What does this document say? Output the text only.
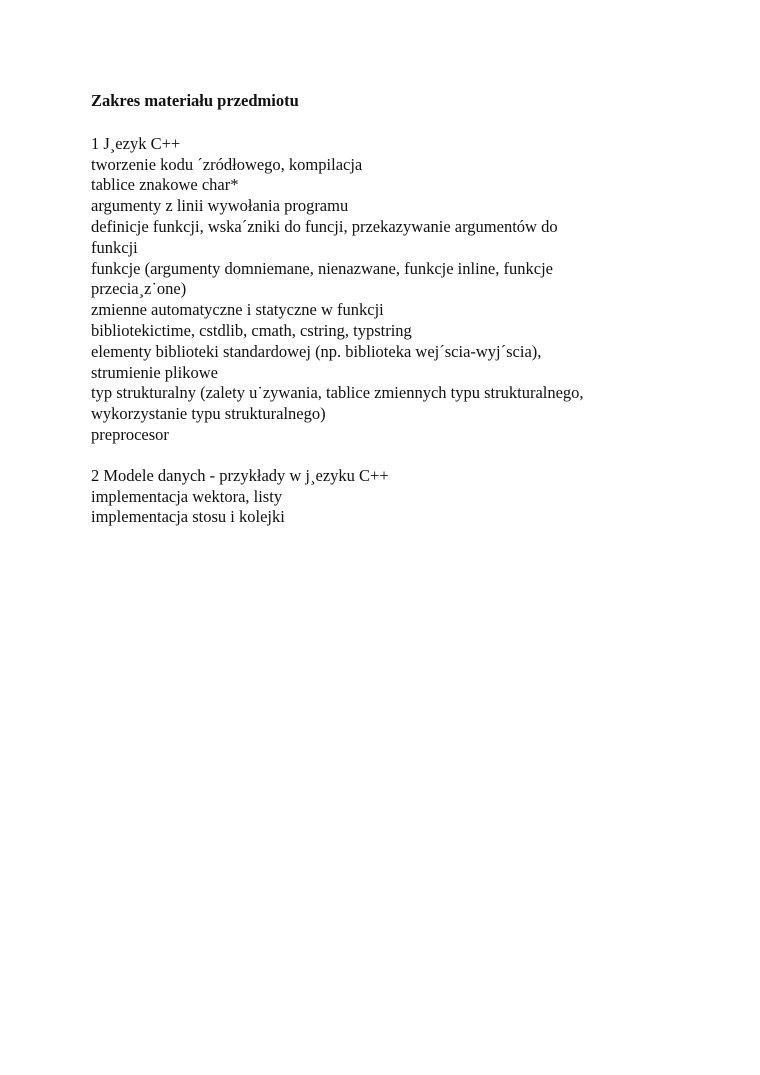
Zakres materiału przedmiotu
1 J¸ezyk C++
tworzenie kodu ´zródłowego, kompilacja
tablice znakowe char*
argumenty z linii wywołania programu
definicje funkcji, wska´zniki do funcji, przekazywanie argumentów do
funkcji
funkcje (argumenty domniemane, nienazwane, funkcje inline, funkcje
przecia¸z˙one)
zmienne automatyczne i statyczne w funkcji
bibliotekictime, cstdlib, cmath, cstring, typstring
elementy biblioteki standardowej (np. biblioteka wej´scia-wyj´scia),
strumienie plikowe
typ strukturalny (zalety u˙zywania, tablice zmiennych typu strukturalnego,
wykorzystanie typu strukturalnego)
preprocesor
2 Modele danych - przykłady w j¸ezyku C++
implementacja wektora, listy
implementacja stosu i kolejki
